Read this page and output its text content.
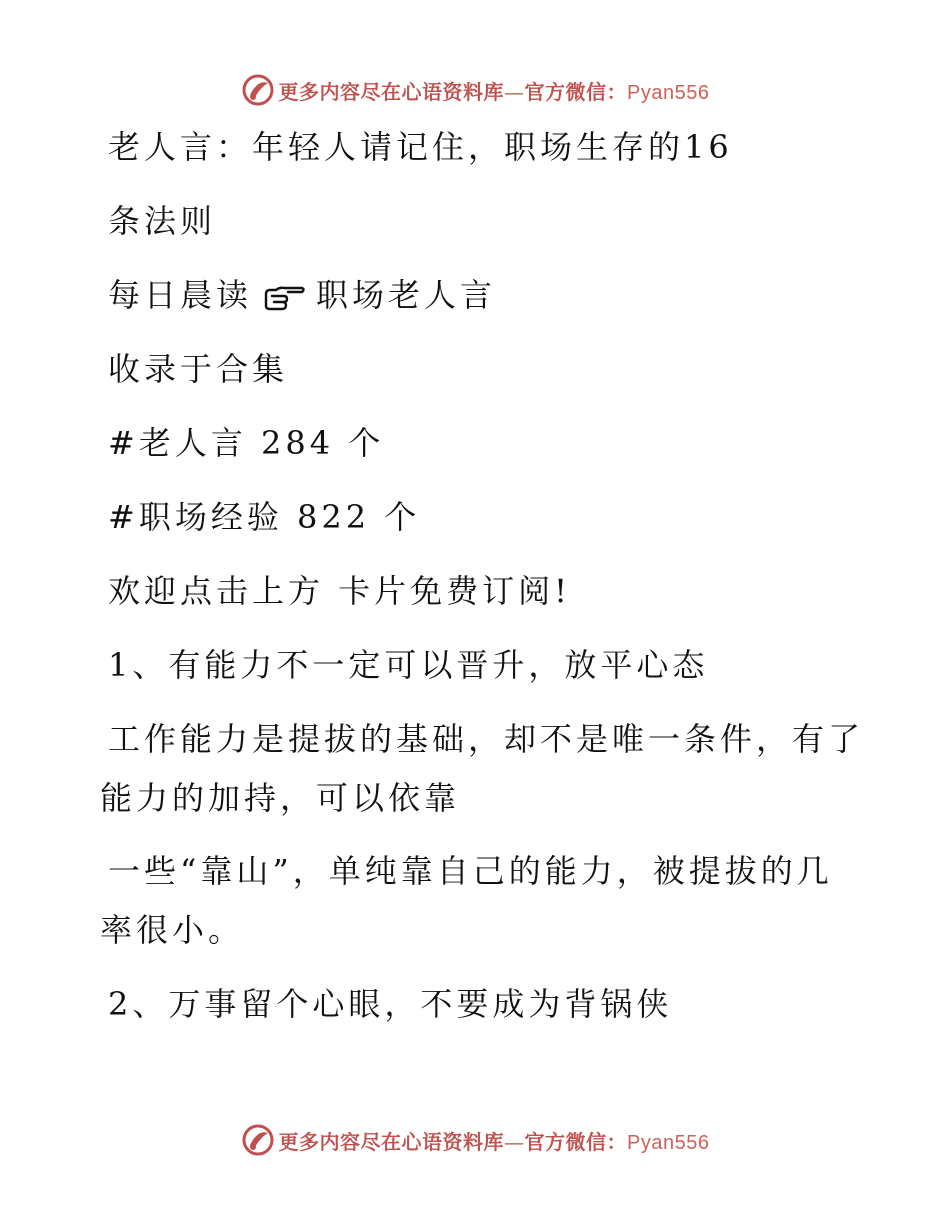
更多内容尽在心语资料库—官方微信：Pyan556
老人言：年轻人请记住，职场生存的16
条法则
每日晨读 职场老人言
收录于合集
#老人言 284 个
#职场经验 822 个
欢迎点击上方 卡片免费订阅!
1、有能力不一定可以晋升，放平心态
工作能力是提拔的基础，却不是唯一条件，有了
能力的加持，可以依靠
一些“靠山”，单纯靠自己的能力，被提拔的几
率很小。
2、万事留个心眼，不要成为背锅侠
更多内容尽在心语资料库—官方微信：Pyan556
